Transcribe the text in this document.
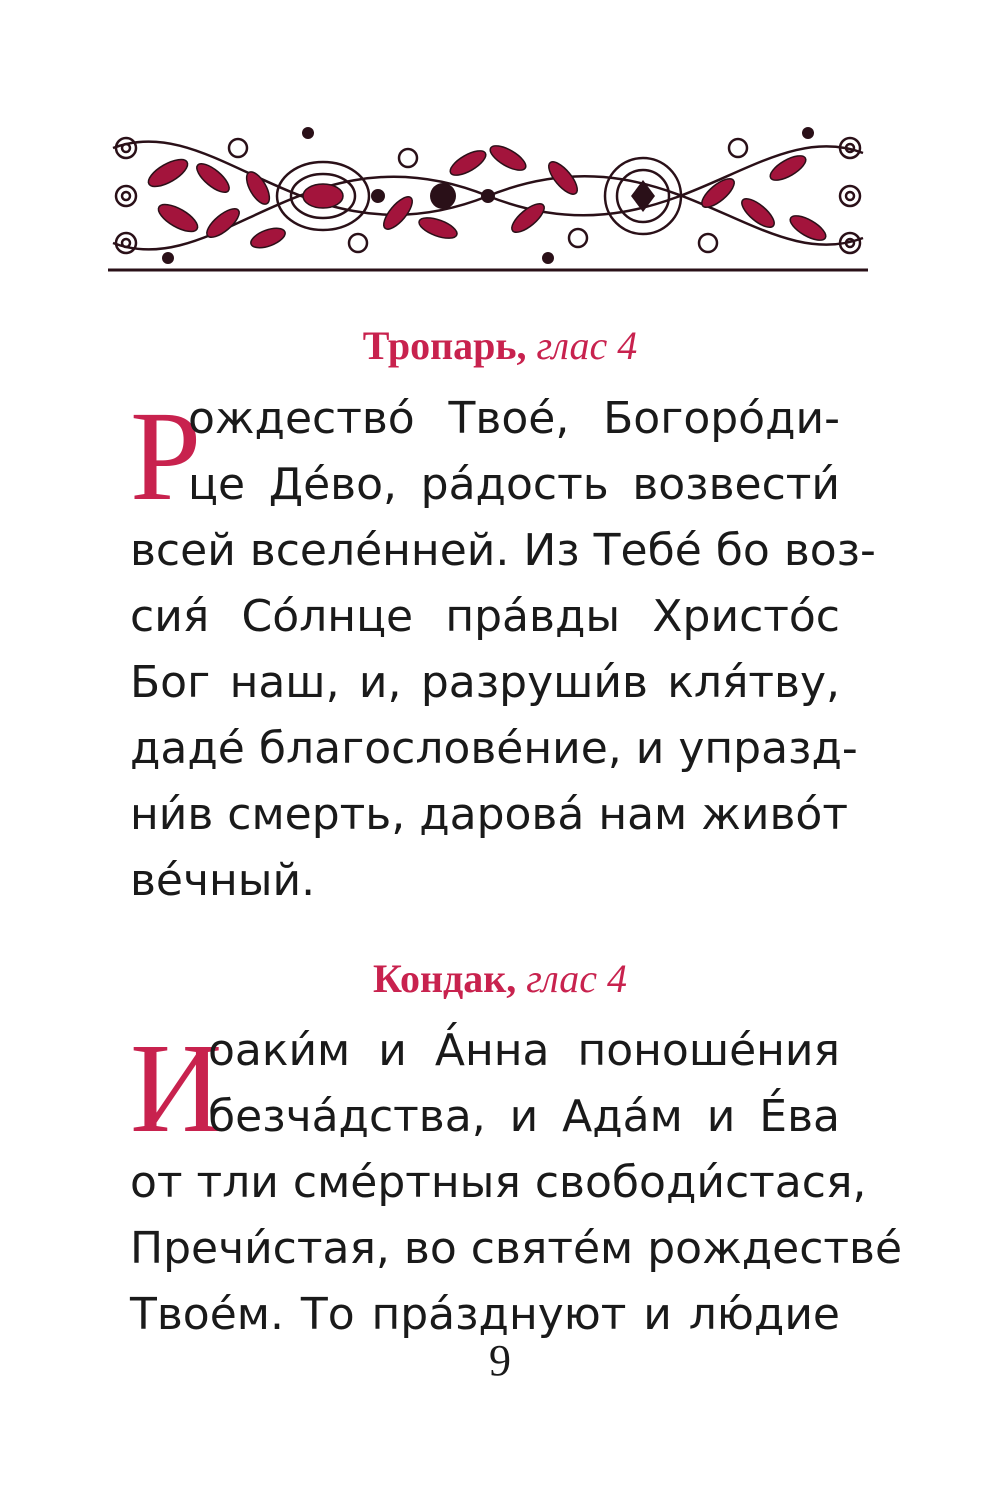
Тропарь, глас 4
Р
ождество́ Твое́, Богоро́ди-
це Де́во, ра́дость возвести́
всей вселе́нней. Из Тебе́ бо воз-
сия́ Со́лнце пра́вды Христо́с
Бог наш, и, разруши́в кля́тву,
даде́ благослове́ние, и упразд-
ни́в смерть, дарова́ нам живо́т
ве́чный.
Кондак, глас 4
И
оаки́м и А́нна поноше́ния
безча́дства, и Ада́м и Е́ва
от тли сме́ртныя свободи́стася,
Пречи́стая, во святе́м рождестве́
Твое́м. То пра́зднуют и лю́дие
9
